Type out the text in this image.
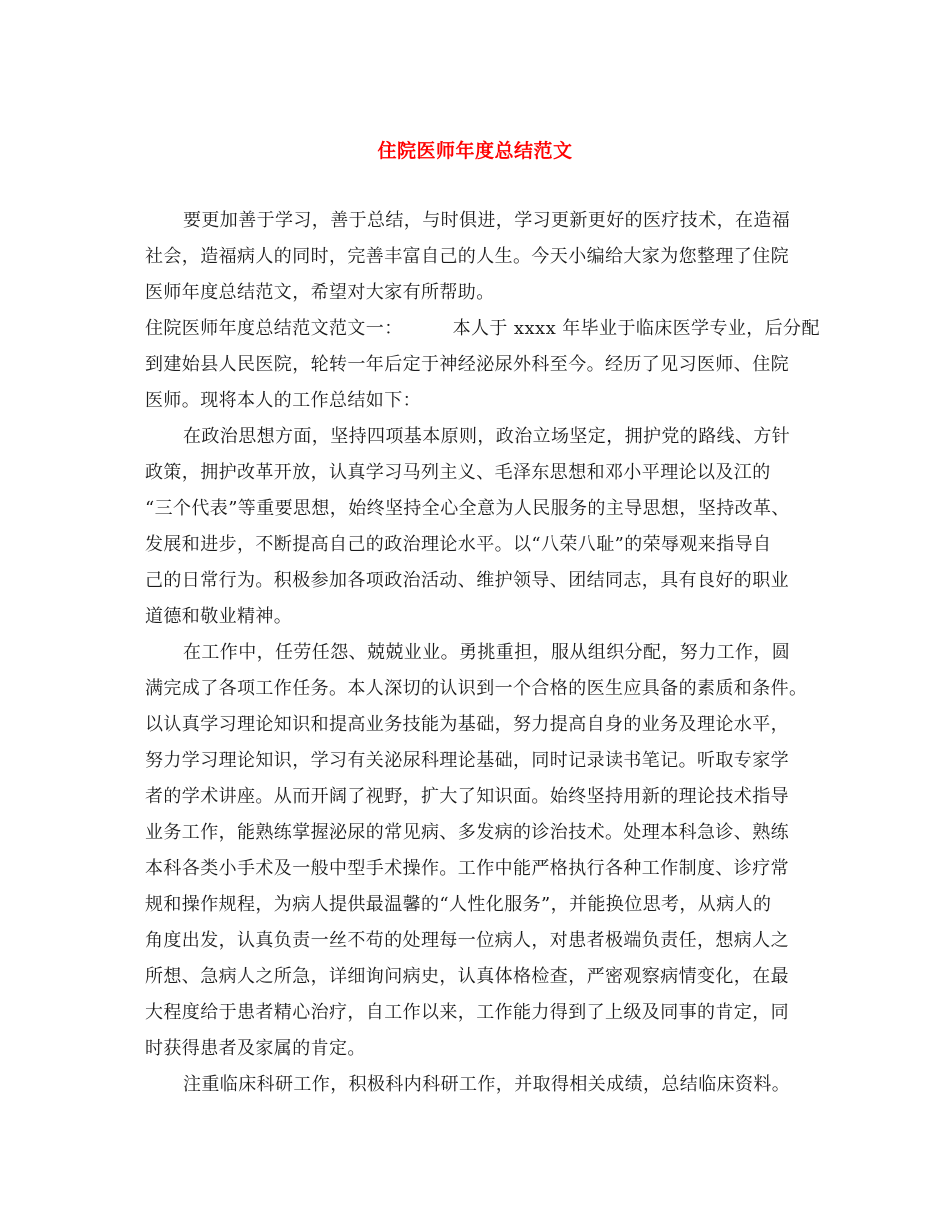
住院医师年度总结范文
要更加善于学习，善于总结，与时俱进，学习更新更好的医疗技术，在造福
社会，造福病人的同时，完善丰富自己的人生。今天小编给大家为您整理了住院
医师年度总结范文，希望对大家有所帮助。
住院医师年度总结范文范文一：	本人于 xxxx 年毕业于临床医学专业，后分配
到建始县人民医院，轮转一年后定于神经泌尿外科至今。经历了见习医师、住院
医师。现将本人的工作总结如下：
在政治思想方面，坚持四项基本原则，政治立场坚定，拥护党的路线、方针
政策，拥护改革开放，认真学习马列主义、毛泽东思想和邓小平理论以及江的
“三个代表”等重要思想，始终坚持全心全意为人民服务的主导思想，坚持改革、
发展和进步，不断提高自己的政治理论水平。以“八荣八耻”的荣辱观来指导自
己的日常行为。积极参加各项政治活动、维护领导、团结同志，具有良好的职业
道德和敬业精神。
在工作中，任劳任怨、兢兢业业。勇挑重担，服从组织分配，努力工作，圆
满完成了各项工作任务。本人深切的认识到一个合格的医生应具备的素质和条件。
以认真学习理论知识和提高业务技能为基础，努力提高自身的业务及理论水平，
努力学习理论知识，学习有关泌尿科理论基础，同时记录读书笔记。听取专家学
者的学术讲座。从而开阔了视野，扩大了知识面。始终坚持用新的理论技术指导
业务工作，能熟练掌握泌尿的常见病、多发病的诊治技术。处理本科急诊、熟练
本科各类小手术及一般中型手术操作。工作中能严格执行各种工作制度、诊疗常
规和操作规程，为病人提供最温馨的“人性化服务”，并能换位思考，从病人的
角度出发，认真负责一丝不苟的处理每一位病人，对患者极端负责任，想病人之
所想、急病人之所急，详细询问病史，认真体格检查，严密观察病情变化，在最
大程度给于患者精心治疗，自工作以来，工作能力得到了上级及同事的肯定，同
时获得患者及家属的肯定。
注重临床科研工作，积极科内科研工作，并取得相关成绩，总结临床资料。
